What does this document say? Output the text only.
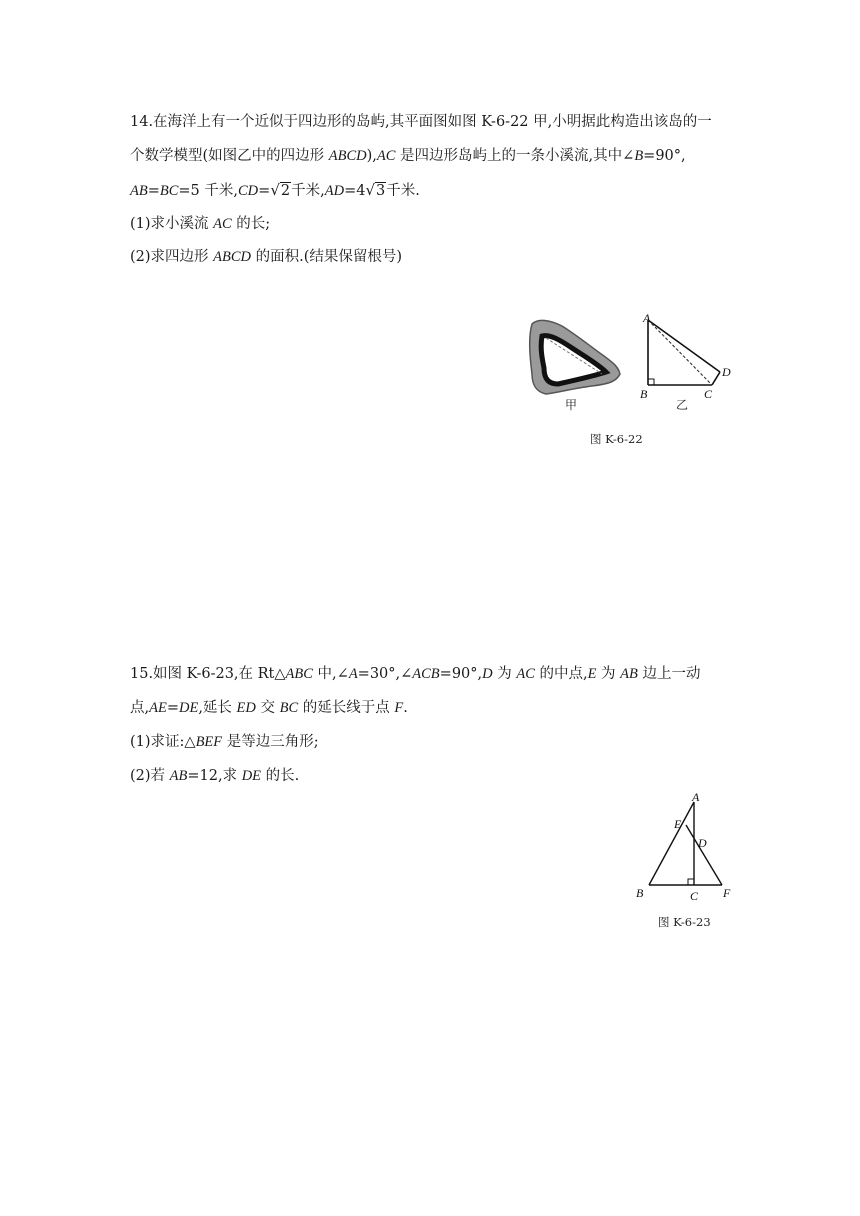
14.在海洋上有一个近似于四边形的岛屿,其平面图如图 K-6-22 甲,小明据此构造出该岛的一
个数学模型(如图乙中的四边形 ABCD),AC 是四边形岛屿上的一条小溪流,其中∠B=90°,
AB=BC=5 千米,CD=√2千米,AD=4√3千米.
(1)求小溪流 AC 的长;
(2)求四边形 ABCD 的面积.(结果保留根号)
甲
A
B	C
D
乙
图 K-6-22
15.如图 K-6-23,在 Rt△ABC 中,∠A=30°,∠ACB=90°,D 为 AC 的中点,E 为 AB 边上一动
点,AE=DE,延长 ED 交 BC 的延长线于点 F.
(1)求证:△BEF 是等边三角形;
(2)若 AB=12,求 DE 的长.
A
E
D
B	C F
图 K-6-23
